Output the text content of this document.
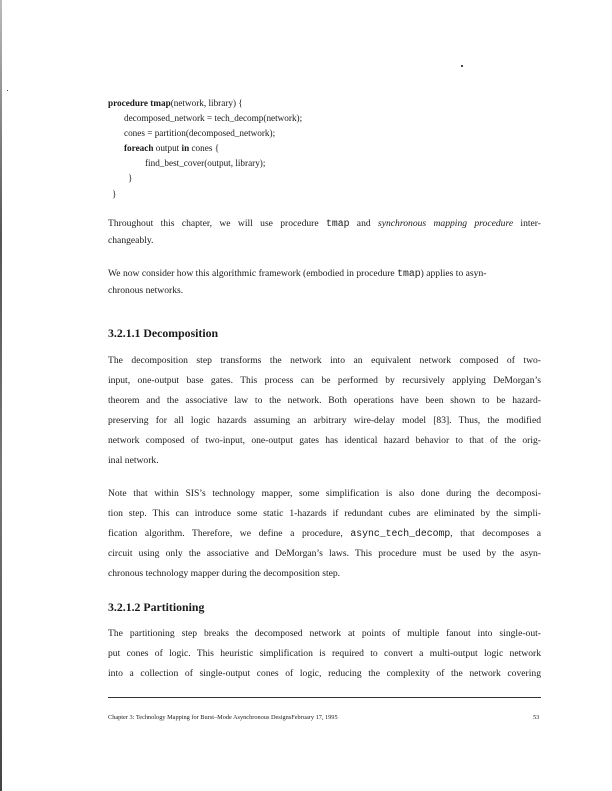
procedure tmap(network, library) {
decomposed_network = tech_decomp(network);
cones = partition(decomposed_network);
foreach output in cones {
find_best_cover(output, library);
}
}
Throughout this chapter, we will use procedure tmap and synchronous mapping procedure inter-
changeably.
We now consider how this algorithmic framework (embodied in procedure tmap) applies to asyn-
chronous networks.
3.2.1.1 Decomposition
The decomposition step transforms the network into an equivalent network composed of two-
input, one-output base gates. This process can be performed by recursively applying DeMorgan’s
theorem and the associative law to the network. Both operations have been shown to be hazard-
preserving for all logic hazards assuming an arbitrary wire-delay model [83]. Thus, the modified
network composed of two-input, one-output gates has identical hazard behavior to that of the orig-
inal network.
Note that within SIS’s technology mapper, some simplification is also done during the decomposi-
tion step. This can introduce some static 1-hazards if redundant cubes are eliminated by the simpli-
fication algorithm. Therefore, we define a procedure, async_tech_decomp, that decomposes a
circuit using only the associative and DeMorgan’s laws. This procedure must be used by the asyn-
chronous technology mapper during the decomposition step.
3.2.1.2 Partitioning
The partitioning step breaks the decomposed network at points of multiple fanout into single-out-
put cones of logic. This heuristic simplification is required to convert a multi-output logic network
into a collection of single-output cones of logic, reducing the complexity of the network covering
Chapter 3: Technology Mapping for Burst–Mode Asynchronous DesignsFebruary 17, 1995	53
